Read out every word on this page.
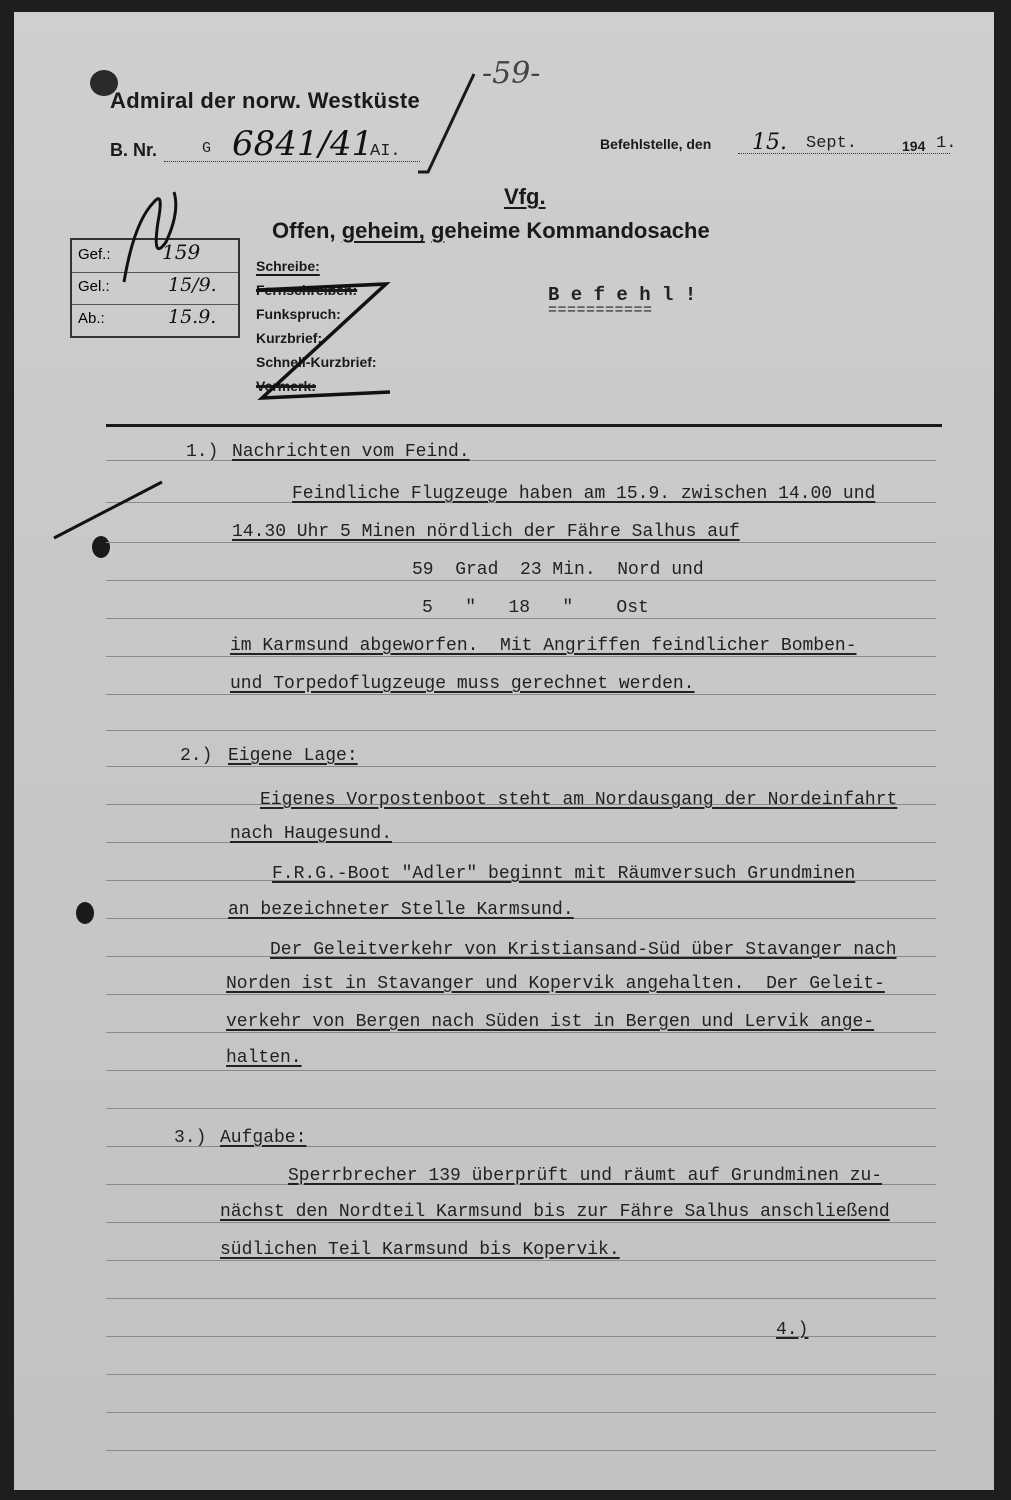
-59-
Admiral der norw. Westküste
B. Nr.	G 6841/41
AI.	Befehlstelle, den 15. Sept.	194 1.
Vfg.
Offen, geheim, geheime Kommandosache
Gef.:	159
Gel.:	15/9.
Ab.:	15.9.
Schreibe:
Fernschreiben:
Funkspruch:
Kurzbrief:
Schnell-Kurzbrief:
Vermerk:
B e f e h l !
===========
1.) Nachrichten vom Feind.
Feindliche Flugzeuge haben am 15.9. zwischen 14.00 und
14.30 Uhr 5 Minen nördlich der Fähre Salhus auf
59  Grad  23 Min.  Nord und
5   "   18   "    Ost
im Karmsund abgeworfen.  Mit Angriffen feindlicher Bomben-
und Torpedoflugzeuge muss gerechnet werden.
2.) Eigene Lage:
Eigenes Vorpostenboot steht am Nordausgang der Nordeinfahrt
nach Haugesund.
F.R.G.-Boot "Adler" beginnt mit Räumversuch Grundminen
an bezeichneter Stelle Karmsund.
Der Geleitverkehr von Kristiansand-Süd über Stavanger nach
Norden ist in Stavanger und Kopervik angehalten.  Der Geleit-
verkehr von Bergen nach Süden ist in Bergen und Lervik ange-
halten.
3.) Aufgabe:
Sperrbrecher 139 überprüft und räumt auf Grundminen zu-
nächst den Nordteil Karmsund bis zur Fähre Salhus anschließend
südlichen Teil Karmsund bis Kopervik.
4.)
